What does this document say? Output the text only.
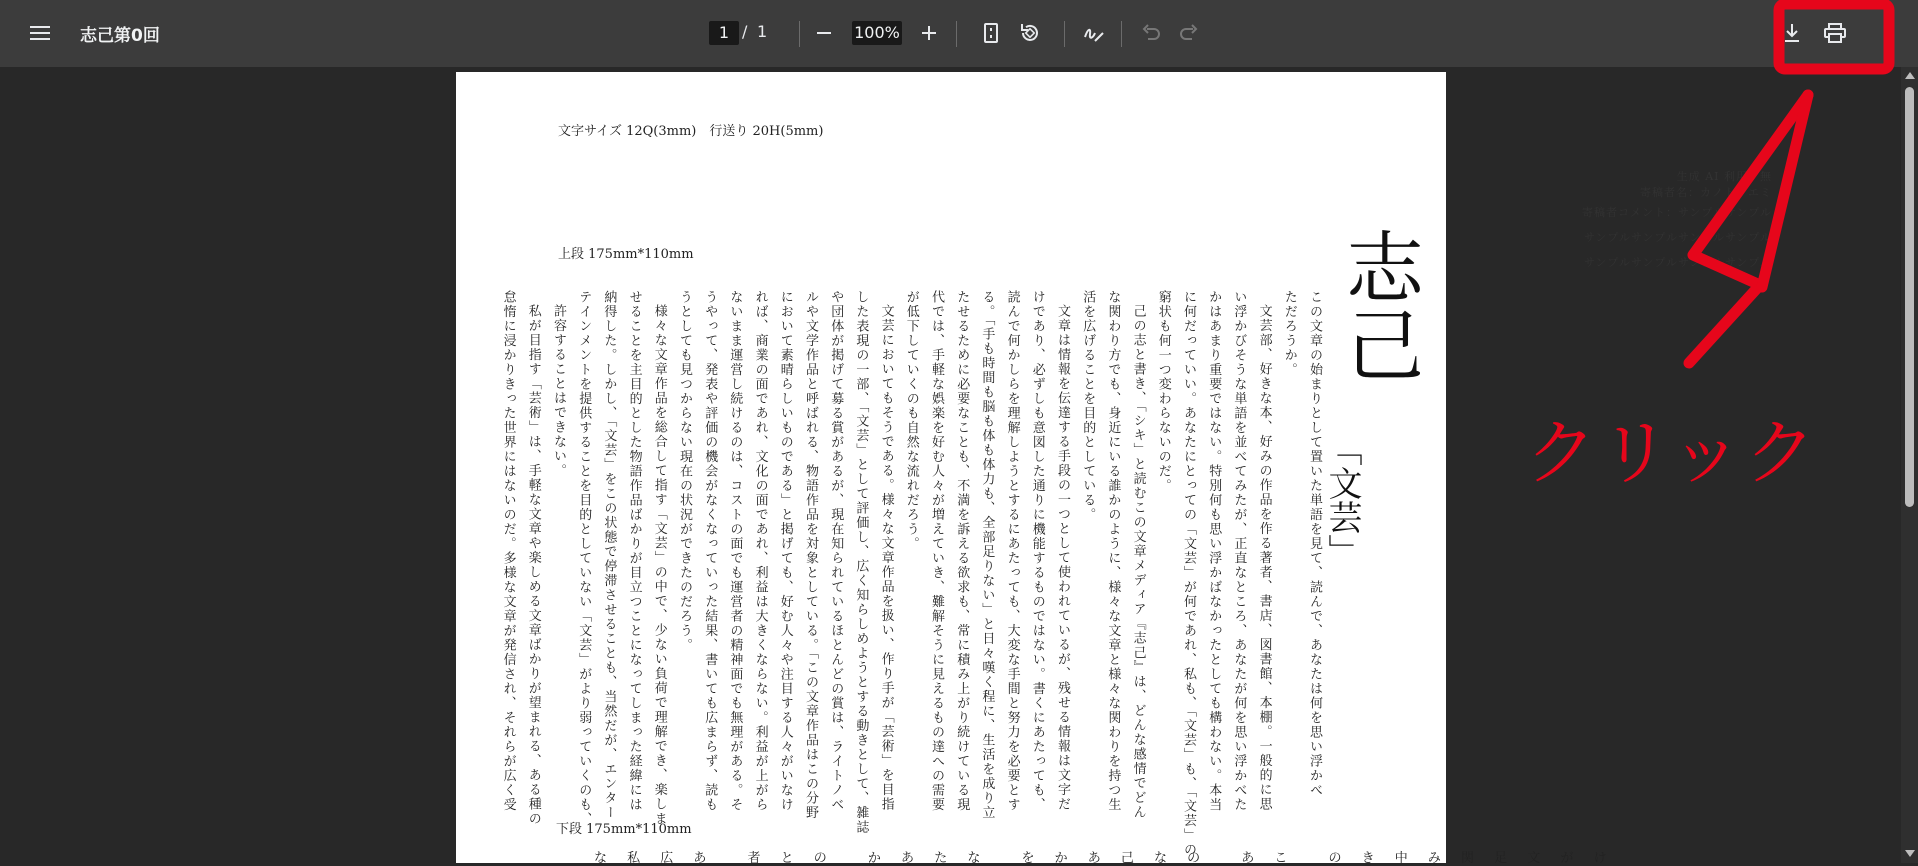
志己第0回	1 / 1	100%
文字サイズ 12Q(3mm)　行送り 20H(5mm)
上段 175mm*110mm
下段 175mm*110mm
生成 AI 利用：無
寄稿者名：カノト・エミ
寄稿者コメント：サンプルサンプル
サンプルサンプルサンプルサンプル
サンプルサンプルサンプルサンプル
志己
「文芸」
この文章の始まりとして置いた単語を見て、読んで、あなたは何を思い浮かべ
ただろうか。
文芸部、好きな本、好みの作品を作る著者、書店、図書館、本棚。一般的に思
い浮かびそうな単語を並べてみたが、正直なところ、あなたが何を思い浮かべた
かはあまり重要ではない。特別何も思い浮かばなかったとしても構わない。本当
に何だっていい。あなたにとっての「文芸」が何であれ、私も、「文芸」も、「文芸」の
窮状も何一つ変わらないのだ。
己の志と書き、「シキ」と読むこの文章メディア『志己』は、どんな感情でどん
な関わり方でも、身近にいる誰かのように、様々な文章と様々な関わりを持つ生
活を広げることを目的としている。
文章は情報を伝達する手段の一つとして使われているが、残せる情報は文字だ
けであり、必ずしも意図した通りに機能するものではない。書くにあたっても、
読んで何かしらを理解しようとするにあたっても、大変な手間と努力を必要とす
る。「手も時間も脳も体も体力も、全部足りない」と日々嘆く程に、生活を成り立
たせるために必要なことも、不満を訴える欲求も、常に積み上がり続けている現
代では、手軽な娯楽を好む人々が増えていき、難解そうに見えるもの達への需要
が低下していくのも自然な流れだろう。
文芸においてもそうである。様々な文章作品を扱い、作り手が「芸術」を目指
した表現の一部、「文芸」として評価し、広く知らしめようとする動きとして、雑誌
や団体が掲げて募る賞があるが、現在知られているほとんどの賞は、ライトノベ
ルや文学作品と呼ばれる、物語作品を対象としている。「この文章作品はこの分野
において素晴らしいものである」と掲げても、好む人々や注目する人々がいなけ
れば、商業の面であれ、文化の面であれ、利益は大きくならない。利益が上がら
ないまま運営し続けるのは、コストの面でも運営者の精神面でも無理がある。そ
うやって、発表や評価の機会がなくなっていった結果、書いても広まらず、読も
うとしても見つからない現在の状況ができたのだろう。
様々な文章作品を総合して指す「文芸」の中で、少ない負荷で理解でき、楽しま
せることを主目的とした物語作品ばかりが目立つことになってしまった経緯には
納得した。しかし、「文芸」をこの状態で停滞させることも、当然だが、エンター
テインメントを提供することを目的としていない「文芸」がより弱っていくのも、
許容することはできない。
私が目指す「芸術」は、手軽な文章や楽しめる文章ばかりが望まれる、ある種の
怠惰に浸かりきった世界にはないのだ。多様な文章が発信され、それらが広く受
な 私 広 あ　 者 と の　 か あ た な　 を か あ 己 な の　 あ こ　 の き 中 み 関 足 文 が け
クリック
